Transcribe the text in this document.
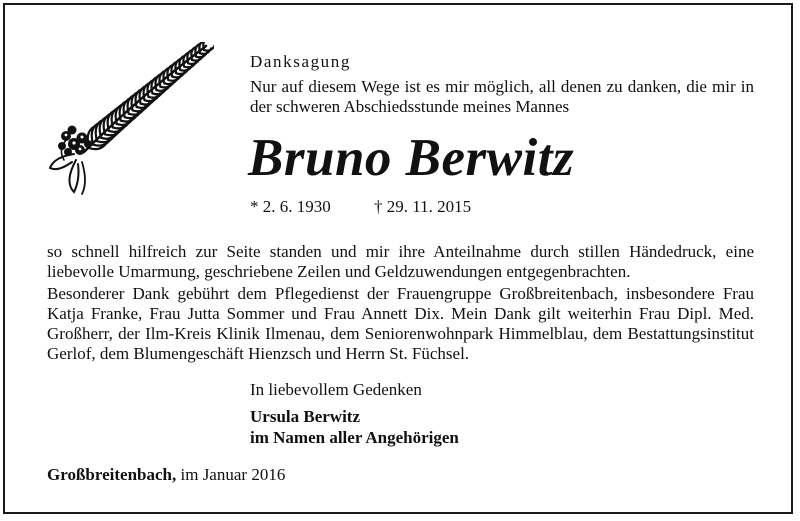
Danksagung
Nur auf diesem Wege ist es mir möglich, all denen zu danken, die mir in der schweren Abschiedsstunde meines Mannes
Bruno Berwitz
* 2. 6. 1930	† 29. 11. 2015
so schnell hilfreich zur Seite standen und mir ihre Anteilnahme durch stillen Händedruck, eine liebevolle Umarmung, geschriebene Zeilen und Geldzuwendungen entgegenbrachten.
Besonderer Dank gebührt dem Pflegedienst der Frauengruppe Großbreitenbach, insbesondere Frau Katja Franke, Frau Jutta Sommer und Frau Annett Dix. Mein Dank gilt weiterhin Frau Dipl. Med. Großherr, der Ilm-Kreis Klinik Ilmenau, dem Seniorenwohnpark Himmelblau, dem Bestattungsinstitut Gerlof, dem Blumengeschäft Hienzsch und Herrn St. Füchsel.
In liebevollem Gedenken
Ursula Berwitz
im Namen aller Angehörigen
Großbreitenbach, im Januar 2016
